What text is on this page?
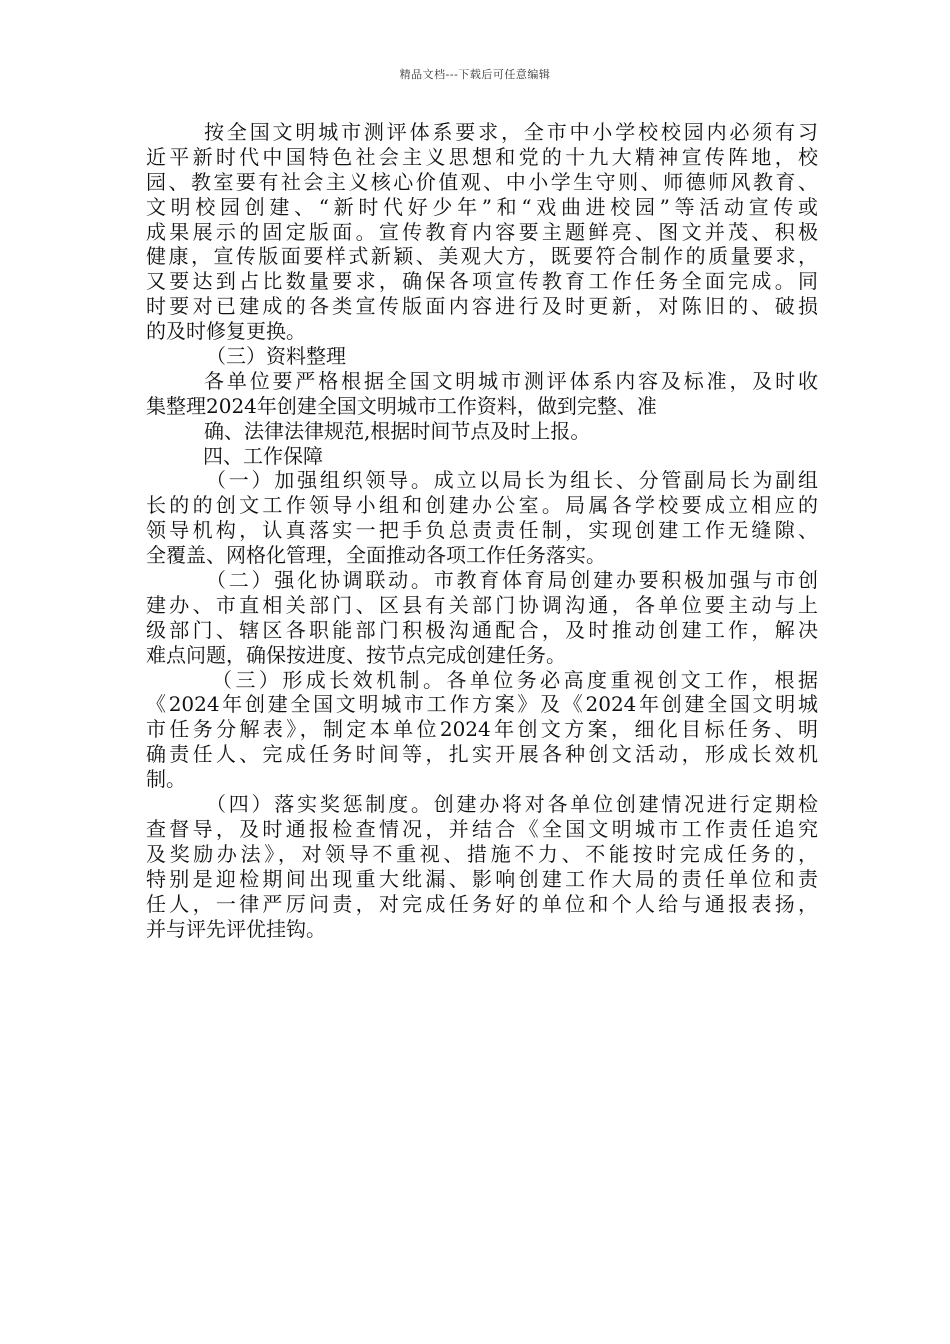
精品文档---下载后可任意编辑
按全国文明城市测评体系要求，全市中小学校校园内必须有习
近平新时代中国特色社会主义思想和党的十九大精神宣传阵地，校
园、教室要有社会主义核心价值观、中小学生守则、师德师风教育、
文明校园创建、“新时代好少年”和“戏曲进校园”等活动宣传或
成果展示的固定版面。宣传教育内容要主题鲜亮、图文并茂、积极
健康，宣传版面要样式新颖、美观大方，既要符合制作的质量要求，
又要达到占比数量要求，确保各项宣传教育工作任务全面完成。同
时要对已建成的各类宣传版面内容进行及时更新，对陈旧的、破损
的及时修复更换。
（三）资料整理
各单位要严格根据全国文明城市测评体系内容及标准，及时收
集整理2024年创建全国文明城市工作资料，做到完整、准
确、法律法律规范,根据时间节点及时上报。
四、工作保障
（一）加强组织领导。成立以局长为组长、分管副局长为副组
长的的创文工作领导小组和创建办公室。局属各学校要成立相应的
领导机构，认真落实一把手负总责责任制，实现创建工作无缝隙、
全覆盖、网格化管理，全面推动各项工作任务落实。
（二）强化协调联动。市教育体育局创建办要积极加强与市创
建办、市直相关部门、区县有关部门协调沟通，各单位要主动与上
级部门、辖区各职能部门积极沟通配合，及时推动创建工作，解决
难点问题，确保按进度、按节点完成创建任务。
（三）形成长效机制。各单位务必高度重视创文工作，根据
《2024年创建全国文明城市工作方案》及《2024年创建全国文明城
市任务分解表》，制定本单位2024年创文方案，细化目标任务、明
确责任人、完成任务时间等，扎实开展各种创文活动，形成长效机
制。
（四）落实奖惩制度。创建办将对各单位创建情况进行定期检
查督导，及时通报检查情况，并结合《全国文明城市工作责任追究
及奖励办法》，对领导不重视、措施不力、不能按时完成任务的，
特别是迎检期间出现重大纰漏、影响创建工作大局的责任单位和责
任人，一律严厉问责，对完成任务好的单位和个人给与通报表扬，
并与评先评优挂钩。
